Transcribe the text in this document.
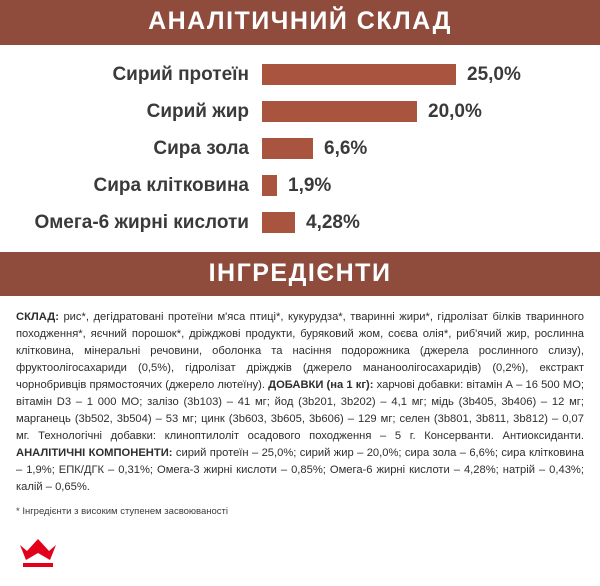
АНАЛІТИЧНИЙ СКЛАД
Сирий протеїн	25,0%
Сирий жир	20,0%
Сира зола	6,6%
Сира клітковина	1,9%
Омега-6 жирні кислоти	4,28%
ІНГРЕДІЄНТИ
СКЛАД: рис*, дегідратовані протеїни м'яса птиці*, кукурудза*, тваринні жири*, гідролізат білків тваринного походження*, яєчний порошок*, дріжджові продукти, буряковий жом, соєва олія*, риб'ячий жир, рослинна клітковина, мінеральні речовини, оболонка та насіння подорожника (джерела рослинного слизу), фруктоолігосахариди (0,5%), гідролізат дріжджів (джерело мананоолігосахаридів) (0,2%), екстракт чорнобривців прямостоячих (джерело лютеїну). ДОБАВКИ (на 1 кг): харчові добавки: вітамін А – 16 500 МО; вітамін D3 – 1 000 МО; залізо (3b103) – 41 мг; йод (3b201, 3b202) – 4,1 мг; мідь (3b405, 3b406) – 12 мг; марганець (3b502, 3b504) – 53 мг; цинк (3b603, 3b605, 3b606) – 129 мг; селен (3b801, 3b811, 3b812) – 0,07 мг. Технологічні добавки: клиноптилоліт осадового походження – 5 г. Консерванти. Антиоксиданти. АНАЛІТИЧНІ КОМПОНЕНТИ: сирий протеїн – 25,0%; сирий жир – 20,0%; сира зола – 6,6%; сира клітковина – 1,9%; ЕПК/ДГК – 0,31%; Омега-3 жирні кислоти – 0,85%; Омега-6 жирні кислоти – 4,28%; натрій – 0,43%; калій – 0,65%.
* Інгредієнти з високим ступенем засвоюваності
